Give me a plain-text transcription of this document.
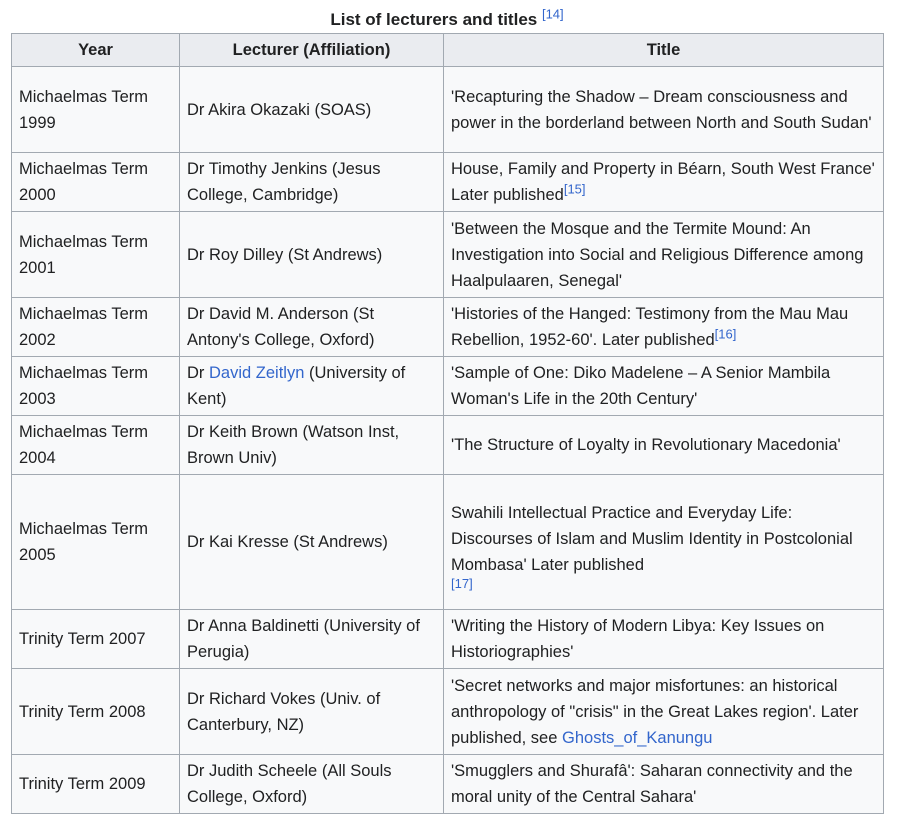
List of lecturers and titles [14]
Year	Lecturer (Affiliation)	Title
Michaelmas Term 1999	Dr Akira Okazaki (SOAS)	'Recapturing the Shadow – Dream consciousness and power in the borderland between North and South Sudan'
Michaelmas Term 2000	Dr Timothy Jenkins (Jesus College, Cambridge)	House, Family and Property in Béarn, South West France' Later published[15]
Michaelmas Term 2001	Dr Roy Dilley (St Andrews)	'Between the Mosque and the Termite Mound: An Investigation into Social and Religious Difference among Haalpulaaren, Senegal'
Michaelmas Term 2002	Dr David M. Anderson (St Antony's College, Oxford)	'Histories of the Hanged: Testimony from the Mau Mau Rebellion, 1952-60'. Later published[16]
Michaelmas Term 2003	Dr David Zeitlyn (University of Kent)	'Sample of One: Diko Madelene – A Senior Mambila Woman's Life in the 20th Century'
Michaelmas Term 2004	Dr Keith Brown (Watson Inst, Brown Univ)	'The Structure of Loyalty in Revolutionary Macedonia'
Michaelmas Term 2005	Dr Kai Kresse (St Andrews)	Swahili Intellectual Practice and Everyday Life: Discourses of Islam and Muslim Identity in Postcolonial Mombasa' Later published
[17]

Trinity Term 2007	Dr Anna Baldinetti (University of Perugia)	'Writing the History of Modern Libya: Key Issues on Historiographies'
Trinity Term 2008	Dr Richard Vokes (Univ. of Canterbury, NZ)	'Secret networks and major misfortunes: an historical anthropology of "crisis" in the Great Lakes region'. Later published, see Ghosts_of_Kanungu
Trinity Term 2009	Dr Judith Scheele (All Souls College, Oxford)	'Smugglers and Shurafâ': Saharan connectivity and the moral unity of the Central Sahara'
